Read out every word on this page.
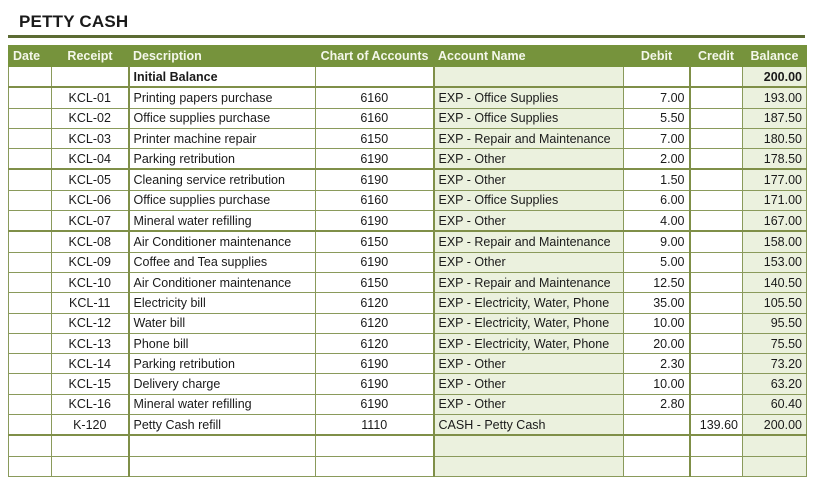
PETTY CASH
Date	Receipt	Description	Chart of Accounts	Account Name	Debit	Credit	Balance
		Initial Balance					200.00
	KCL-01	Printing papers purchase	6160	EXP - Office Supplies	7.00		193.00
	KCL-02	Office supplies purchase	6160	EXP - Office Supplies	5.50		187.50
	KCL-03	Printer machine repair	6150	EXP - Repair and Maintenance	7.00		180.50
	KCL-04	Parking retribution	6190	EXP - Other	2.00		178.50
	KCL-05	Cleaning service retribution	6190	EXP - Other	1.50		177.00
	KCL-06	Office supplies purchase	6160	EXP - Office Supplies	6.00		171.00
	KCL-07	Mineral water refilling	6190	EXP - Other	4.00		167.00
	KCL-08	Air Conditioner maintenance	6150	EXP - Repair and Maintenance	9.00		158.00
	KCL-09	Coffee and Tea supplies	6190	EXP - Other	5.00		153.00
	KCL-10	Air Conditioner maintenance	6150	EXP - Repair and Maintenance	12.50		140.50
	KCL-11	Electricity bill	6120	EXP - Electricity, Water, Phone	35.00		105.50
	KCL-12	Water bill	6120	EXP - Electricity, Water, Phone	10.00		95.50
	KCL-13	Phone bill	6120	EXP - Electricity, Water, Phone	20.00		75.50
	KCL-14	Parking retribution	6190	EXP - Other	2.30		73.20
	KCL-15	Delivery charge	6190	EXP - Other	10.00		63.20
	KCL-16	Mineral water refilling	6190	EXP - Other	2.80		60.40
	K-120	Petty Cash refill	1110	CASH - Petty Cash		139.60	200.00
